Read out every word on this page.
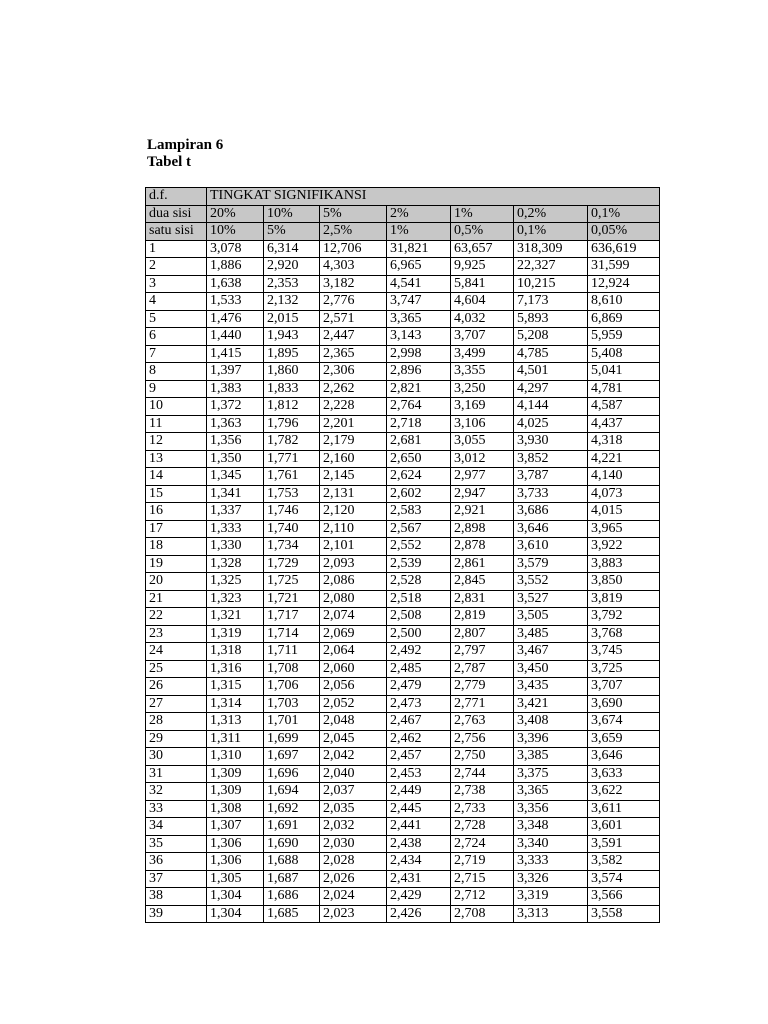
Lampiran 6
Tabel t
d.f.	TINGKAT SIGNIFIKANSI						
dua sisi	20%	10%	5%	2%	1%	0,2%	0,1%
satu sisi	10%	5%	2,5%	1%	0,5%	0,1%	0,05%
1	3,078	6,314	12,706	31,821	63,657	318,309	636,619
2	1,886	2,920	4,303	6,965	9,925	22,327	31,599
3	1,638	2,353	3,182	4,541	5,841	10,215	12,924
4	1,533	2,132	2,776	3,747	4,604	7,173	8,610
5	1,476	2,015	2,571	3,365	4,032	5,893	6,869
6	1,440	1,943	2,447	3,143	3,707	5,208	5,959
7	1,415	1,895	2,365	2,998	3,499	4,785	5,408
8	1,397	1,860	2,306	2,896	3,355	4,501	5,041
9	1,383	1,833	2,262	2,821	3,250	4,297	4,781
10	1,372	1,812	2,228	2,764	3,169	4,144	4,587
11	1,363	1,796	2,201	2,718	3,106	4,025	4,437
12	1,356	1,782	2,179	2,681	3,055	3,930	4,318
13	1,350	1,771	2,160	2,650	3,012	3,852	4,221
14	1,345	1,761	2,145	2,624	2,977	3,787	4,140
15	1,341	1,753	2,131	2,602	2,947	3,733	4,073
16	1,337	1,746	2,120	2,583	2,921	3,686	4,015
17	1,333	1,740	2,110	2,567	2,898	3,646	3,965
18	1,330	1,734	2,101	2,552	2,878	3,610	3,922
19	1,328	1,729	2,093	2,539	2,861	3,579	3,883
20	1,325	1,725	2,086	2,528	2,845	3,552	3,850
21	1,323	1,721	2,080	2,518	2,831	3,527	3,819
22	1,321	1,717	2,074	2,508	2,819	3,505	3,792
23	1,319	1,714	2,069	2,500	2,807	3,485	3,768
24	1,318	1,711	2,064	2,492	2,797	3,467	3,745
25	1,316	1,708	2,060	2,485	2,787	3,450	3,725
26	1,315	1,706	2,056	2,479	2,779	3,435	3,707
27	1,314	1,703	2,052	2,473	2,771	3,421	3,690
28	1,313	1,701	2,048	2,467	2,763	3,408	3,674
29	1,311	1,699	2,045	2,462	2,756	3,396	3,659
30	1,310	1,697	2,042	2,457	2,750	3,385	3,646
31	1,309	1,696	2,040	2,453	2,744	3,375	3,633
32	1,309	1,694	2,037	2,449	2,738	3,365	3,622
33	1,308	1,692	2,035	2,445	2,733	3,356	3,611
34	1,307	1,691	2,032	2,441	2,728	3,348	3,601
35	1,306	1,690	2,030	2,438	2,724	3,340	3,591
36	1,306	1,688	2,028	2,434	2,719	3,333	3,582
37	1,305	1,687	2,026	2,431	2,715	3,326	3,574
38	1,304	1,686	2,024	2,429	2,712	3,319	3,566
39	1,304	1,685	2,023	2,426	2,708	3,313	3,558
